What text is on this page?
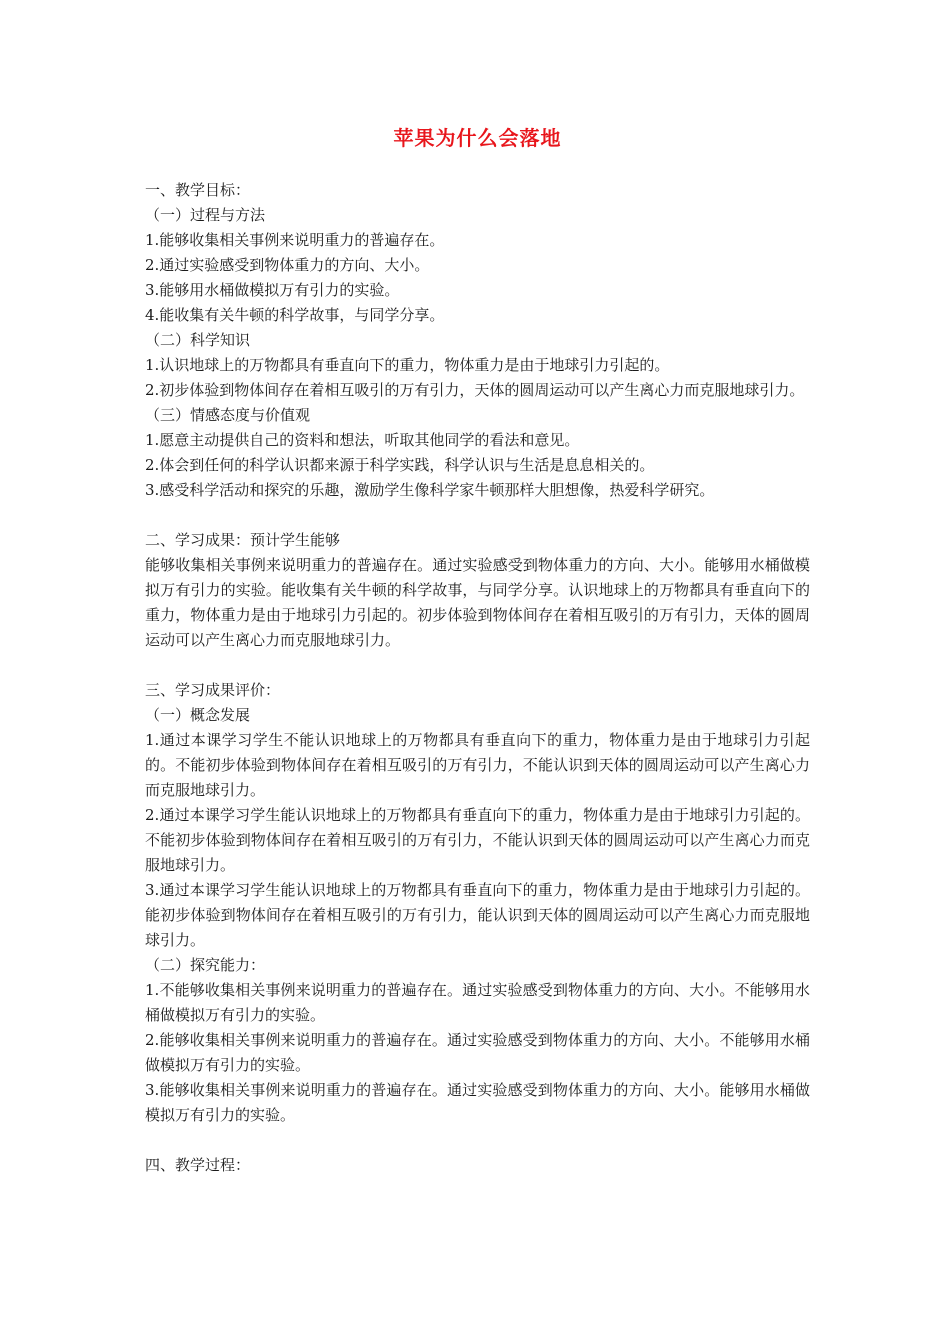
苹果为什么会落地
一、教学目标：
（一）过程与方法
1.能够收集相关事例来说明重力的普遍存在。
2.通过实验感受到物体重力的方向、大小。
3.能够用水桶做模拟万有引力的实验。
4.能收集有关牛顿的科学故事，与同学分享。
（二）科学知识
1.认识地球上的万物都具有垂直向下的重力，物体重力是由于地球引力引起的。
2.初步体验到物体间存在着相互吸引的万有引力，天体的圆周运动可以产生离心力而克服地球引力。
（三）情感态度与价值观
1.愿意主动提供自己的资料和想法，听取其他同学的看法和意见。
2.体会到任何的科学认识都来源于科学实践，科学认识与生活是息息相关的。
3.感受科学活动和探究的乐趣，激励学生像科学家牛顿那样大胆想像，热爱科学研究。
二、学习成果：预计学生能够
能够收集相关事例来说明重力的普遍存在。通过实验感受到物体重力的方向、大小。能够用水桶做模拟万有引力的实验。能收集有关牛顿的科学故事，与同学分享。认识地球上的万物都具有垂直向下的重力，物体重力是由于地球引力引起的。初步体验到物体间存在着相互吸引的万有引力，天体的圆周运动可以产生离心力而克服地球引力。
三、学习成果评价：
（一）概念发展
1.通过本课学习学生不能认识地球上的万物都具有垂直向下的重力，物体重力是由于地球引力引起的。不能初步体验到物体间存在着相互吸引的万有引力，不能认识到天体的圆周运动可以产生离心力而克服地球引力。
2.通过本课学习学生能认识地球上的万物都具有垂直向下的重力，物体重力是由于地球引力引起的。不能初步体验到物体间存在着相互吸引的万有引力，不能认识到天体的圆周运动可以产生离心力而克服地球引力。
3.通过本课学习学生能认识地球上的万物都具有垂直向下的重力，物体重力是由于地球引力引起的。能初步体验到物体间存在着相互吸引的万有引力，能认识到天体的圆周运动可以产生离心力而克服地球引力。
（二）探究能力：
1.不能够收集相关事例来说明重力的普遍存在。通过实验感受到物体重力的方向、大小。不能够用水桶做模拟万有引力的实验。
2.能够收集相关事例来说明重力的普遍存在。通过实验感受到物体重力的方向、大小。不能够用水桶做模拟万有引力的实验。
3.能够收集相关事例来说明重力的普遍存在。通过实验感受到物体重力的方向、大小。能够用水桶做模拟万有引力的实验。
四、教学过程：
